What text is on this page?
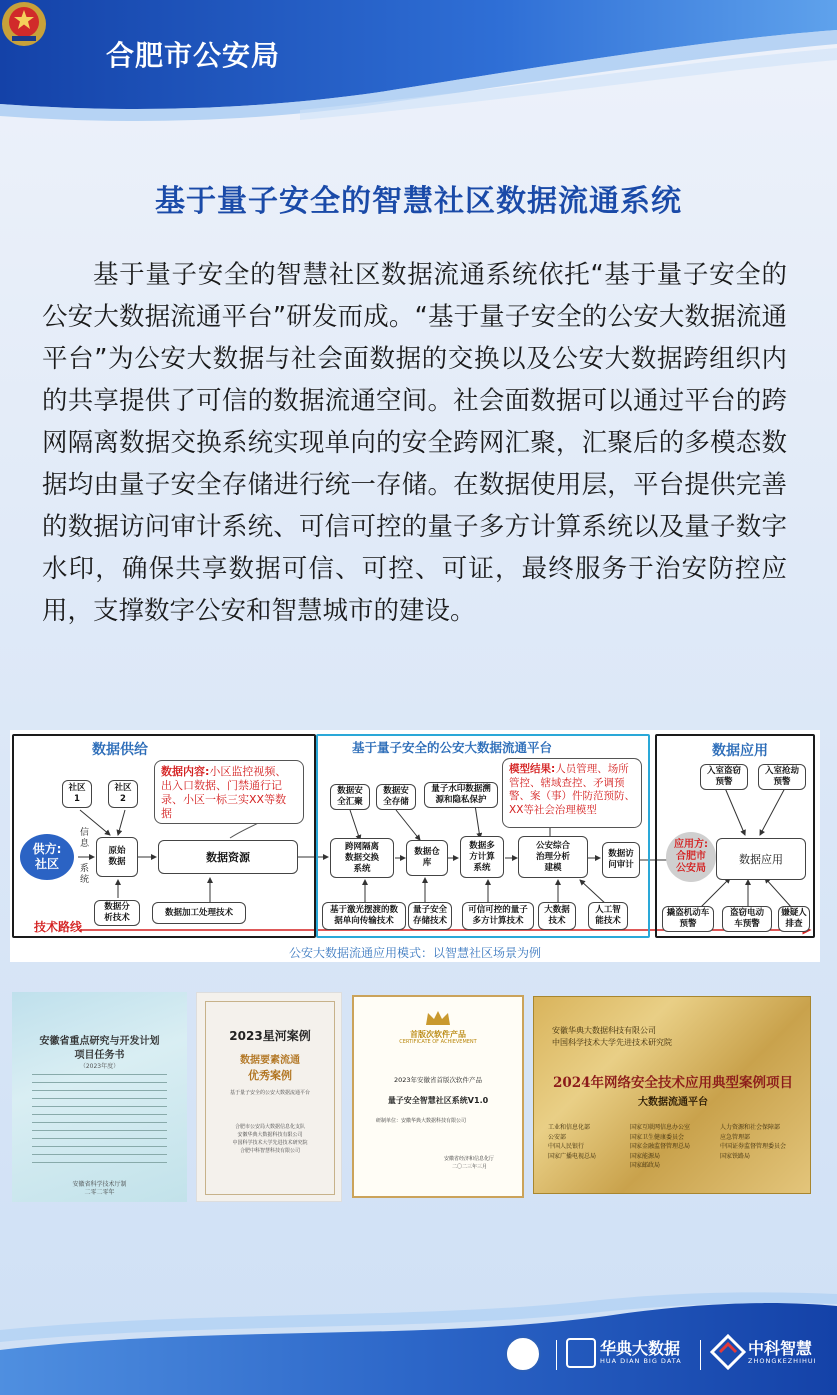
合肥市公安局
基于量子安全的智慧社区数据流通系统
基于量子安全的智慧社区数据流通系统依托“基于量子安全的公安大数据流通平台”研发而成。“基于量子安全的公安大数据流通平台”为公安大数据与社会面数据的交换以及公安大数据跨组织内的共享提供了可信的数据流通空间。社会面数据可以通过平台的跨网隔离数据交换系统实现单向的安全跨网汇聚，汇聚后的多模态数据均由量子安全存储进行统一存储。在数据使用层，平台提供完善的数据访问审计系统、可信可控的量子多方计算系统以及量子数字水印，确保共享数据可信、可控、可证，最终服务于治安防控应用，支撑数字公安和智慧城市的建设。
数据供给
社区
1
社区
2
供方:
社区
信
息
系
统
原始
数据	数据资源
数据内容:小区监控视频、出入口数据、门禁通行记录、小区一标三实XX等数据
数据分
析技术
数据加工处理技术
技术路线
基于量子安全的公安大数据流通平台
数据安
全汇聚
数据安
全存储
量子水印数据溯
源和隐私保护
模型结果:人员管理、场所管控、辖域查控、矛调预警、案（事）件防范预防、XX等社会治理模型
跨网隔离
数据交换
系统
数据仓
库
数据多
方计算
系统
公安综合
治理分析
建模
数据访
问审计
基于激光摆渡的数
据单向传输技术
量子安全
存储技术
可信可控的量子
多方计算技术
大数据
技术
人工智
能技术
数据应用
入室盗窃
预警
入室抢劫
预警
应用方:
合肥市
公安局
数据应用
撬盗机动车
预警
盗窃电动
车预警
嫌疑人
排查
公安大数据流通应用模式：以智慧社区场景为例
安徽省重点研究与开发计划
项目任务书
（2023年度）
安徽省科学技术厅制
二零二零年
2023星河案例
数据要素流通
优秀案例
基于量子安全的公安大数据流通平台
合肥市公安局大数据信息化支队
安徽华典大数据科技有限公司
中国科学技术大学先进技术研究院
合肥中科智慧科技有限公司
首版次软件产品
CERTIFICATE OF ACHIEVEMENT
2023年安徽省首版次软件产品
量子安全智慧社区系统V1.0
研制单位：安徽华典大数据科技有限公司
安徽省经济和信息化厅
二〇二三年三月
安徽华典大数据科技有限公司
中国科学技术大学先进技术研究院
2024年网络安全技术应用典型案例项目
大数据流通平台
工业和信息化部
公安部
中国人民银行
国家广播电视总局
国家互联网信息办公室
国家卫生健康委员会
国家金融监督管理总局
国家能源局
国家邮政局
人力资源和社会保障部
应急管理部
中国证券监督管理委员会
国家铁路局
华典大数据
HUA DIAN BIG DATA
中科智慧
ZHONGKEZHIHUI
